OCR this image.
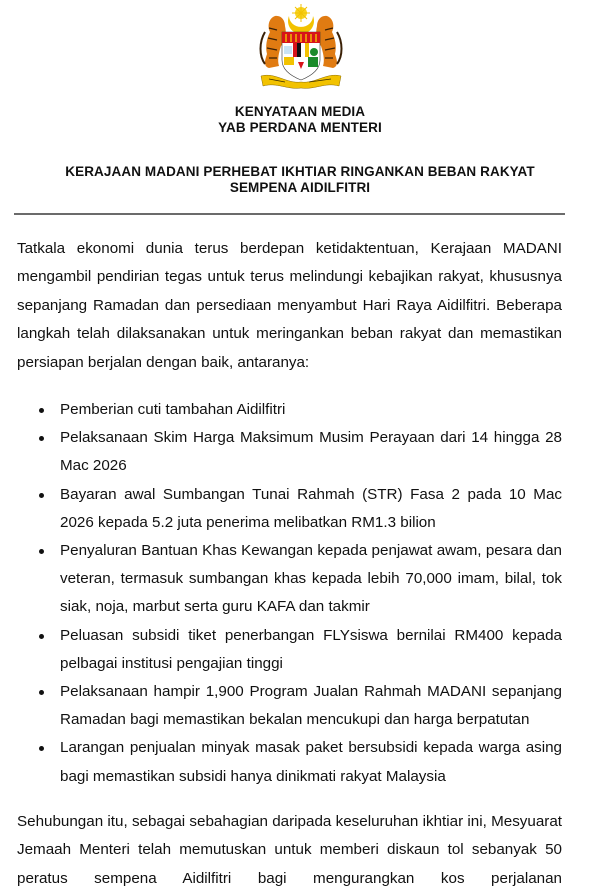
KENYATAAN MEDIA
YAB PERDANA MENTERI
KERAJAAN MADANI PERHEBAT IKHTIAR RINGANKAN BEBAN RAKYAT
SEMPENA AIDILFITRI

Tatkala ekonomi dunia terus berdepan ketidaktentuan, Kerajaan MADANI mengambil pendirian tegas untuk terus melindungi kebajikan rakyat, khususnya sepanjang Ramadan dan persediaan menyambut Hari Raya Aidilfitri. Beberapa langkah telah dilaksanakan untuk meringankan beban rakyat dan memastikan persiapan berjalan dengan baik, antaranya:

Pemberian cuti tambahan Aidilfitri
Pelaksanaan Skim Harga Maksimum Musim Perayaan dari 14 hingga 28 Mac 2026
Bayaran awal Sumbangan Tunai Rahmah (STR) Fasa 2 pada 10 Mac 2026 kepada 5.2 juta penerima melibatkan RM1.3 bilion
Penyaluran Bantuan Khas Kewangan kepada penjawat awam, pesara dan veteran, termasuk sumbangan khas kepada lebih 70,000 imam, bilal, tok siak, noja, marbut serta guru KAFA dan takmir
Peluasan subsidi tiket penerbangan FLYsiswa bernilai RM400 kepada pelbagai institusi pengajian tinggi
Pelaksanaan hampir 1,900 Program Jualan Rahmah MADANI sepanjang Ramadan bagi memastikan bekalan mencukupi dan harga berpatutan
Larangan penjualan minyak masak paket bersubsidi kepada warga asing bagi memastikan subsidi hanya dinikmati rakyat Malaysia

Sehubungan itu, sebagai sebahagian daripada keseluruhan ikhtiar ini, Mesyuarat Jemaah Menteri telah memutuskan untuk memberi diskaun tol sebanyak 50 peratus sempena Aidilfitri bagi mengurangkan kos perjalanan
